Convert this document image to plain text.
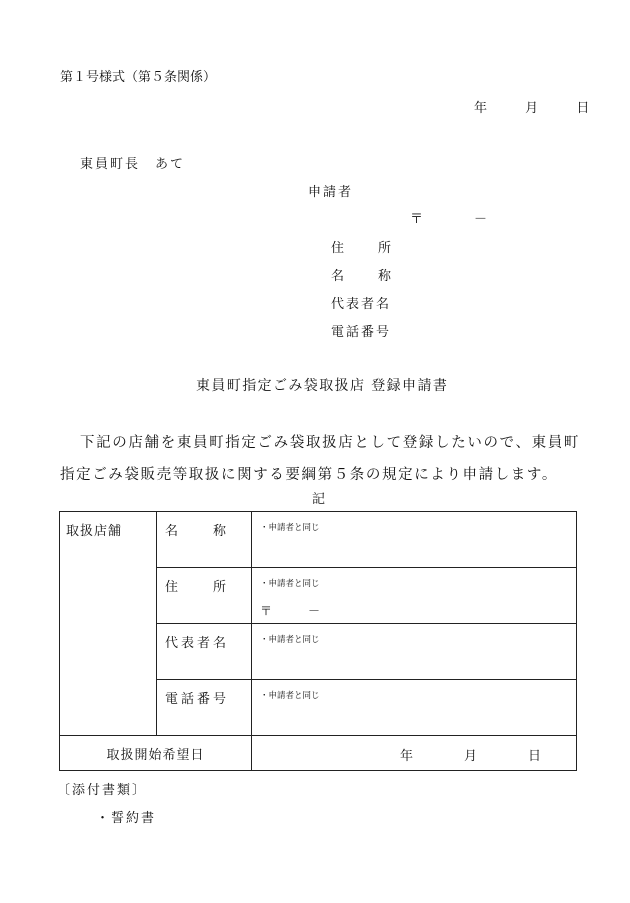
第１号様式（第５条関係）
年	月	日
東員町長　あて
申請者
〒	－
住	所
名	称
代表者名
電話番号
東員町指定ごみ袋取扱店 登録申請書
下記の店舗を東員町指定ごみ袋取扱店として登録したいので、東員町指定ごみ袋販売等取扱に関する要綱第５条の規定により申請します。
記
取扱店舗	名 称	・申請者と同じ

	住 所	・申請者と同じ
〒 －

	代 表 者 名	・申請者と同じ

	電 話 番 号	・申請者と同じ
取扱開始希望日		年 月 日
〔添付書類〕
・誓約書
